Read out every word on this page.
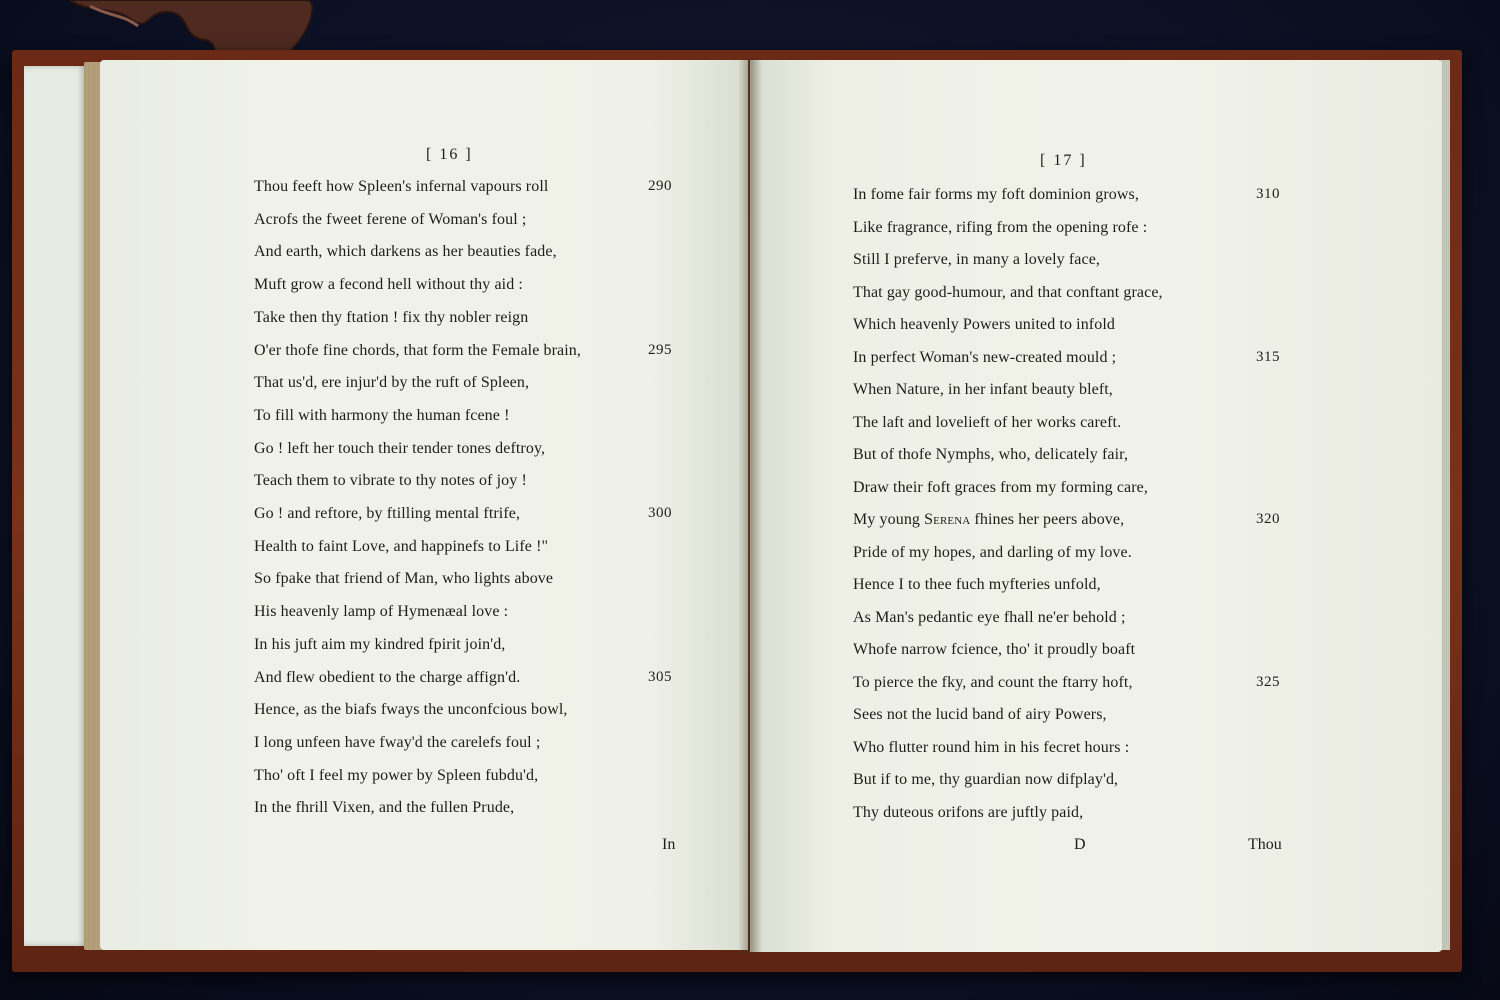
[ 16 ]
Thou feeft how Spleen's infernal vapours roll
Acrofs the fweet ferene of Woman's foul ;
And earth, which darkens as her beauties fade,
Muft grow a fecond hell without thy aid :
Take then thy ftation ! fix thy nobler reign
O'er thofe fine chords, that form the Female brain,
That us'd, ere injur'd by the ruft of Spleen,
To fill with harmony the human fcene !
Go ! left her touch their tender tones deftroy,
Teach them to vibrate to thy notes of joy !
Go ! and reftore, by ftilling mental ftrife,
Health to faint Love, and happinefs to Life !"
So fpake that friend of Man, who lights above
His heavenly lamp of Hymenæal love :
In his juft aim my kindred fpirit join'd,
And flew obedient to the charge affign'd.
Hence, as the biafs fways the unconfcious bowl,
I long unfeen have fway'd the carelefs foul ;
Tho' oft I feel my power by Spleen fubdu'd,
In the fhrill Vixen, and the fullen Prude,
290
295
300
305
In
[ 17 ]
In fome fair forms my foft dominion grows,
Like fragrance, rifing from the opening rofe :
Still I preferve, in many a lovely face,
That gay good-humour, and that conftant grace,
Which heavenly Powers united to infold
In perfect Woman's new-created mould ;
When Nature, in her infant beauty bleft,
The laft and lovelieft of her works careft.
But of thofe Nymphs, who, delicately fair,
Draw their foft graces from my forming care,
My young Serena fhines her peers above,
Pride of my hopes, and darling of my love.
Hence I to thee fuch myfteries unfold,
As Man's pedantic eye fhall ne'er behold ;
Whofe narrow fcience, tho' it proudly boaft
To pierce the fky, and count the ftarry hoft,
Sees not the lucid band of airy Powers,
Who flutter round him in his fecret hours :
But if to me, thy guardian now difplay'd,
Thy duteous orifons are juftly paid,
310
315
320
325
D	Thou
